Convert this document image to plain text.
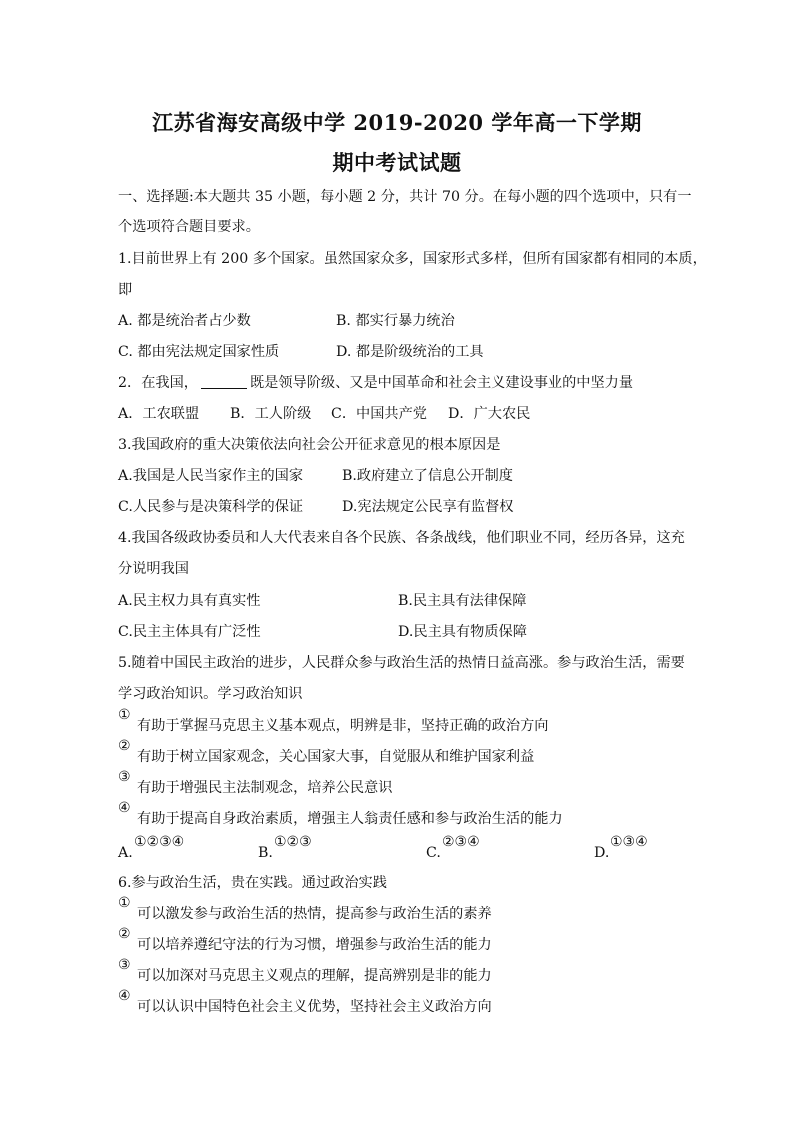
江苏省海安高级中学 2019-2020 学年高一下学期
期中考试试题
一、选择题:本大题共 35 小题，每小题 2 分，共计 70 分。在每小题的四个选项中，只有一
个选项符合题目要求。
1.目前世界上有 200 多个国家。虽然国家众多，国家形式多样，但所有国家都有相同的本质，
即
A. 都是统治者占少数	B. 都实行暴力统治
C. 都由宪法规定国家性质	D. 都是阶级统治的工具
2．在我国，	既是领导阶级、又是中国革命和社会主义建设事业的中坚力量
A．工农联盟 B．工人阶级 C．中国共产党 D．广大农民
3.我国政府的重大决策依法向社会公开征求意见的根本原因是
A.我国是人民当家作主的国家	B.政府建立了信息公开制度
C.人民参与是决策科学的保证	D.宪法规定公民享有监督权
4.我国各级政协委员和人大代表来自各个民族、各条战线，他们职业不同，经历各异，这充
分说明我国
A.民主权力具有真实性	B.民主具有法律保障
C.民主主体具有广泛性	D.民主具有物质保障
5.随着中国民主政治的进步，人民群众参与政治生活的热情日益高涨。参与政治生活，需要
学习政治知识。学习政治知识
①
有助于掌握马克思主义基本观点，明辨是非，坚持正确的政治方向
②
有助于树立国家观念，关心国家大事，自觉服从和维护国家利益
③
有助于增强民主法制观念，培养公民意识
④
有助于提高自身政治素质，增强主人翁责任感和参与政治生活的能力
A.
①②③④
B.
①②③
C.
②③④
D.
①③④
6.参与政治生活，贵在实践。通过政治实践
①
可以激发参与政治生活的热情，提高参与政治生活的素养
②
可以培养遵纪守法的行为习惯，增强参与政治生活的能力
③
可以加深对马克思主义观点的理解，提高辨别是非的能力
④
可以认识中国特色社会主义优势，坚持社会主义政治方向
